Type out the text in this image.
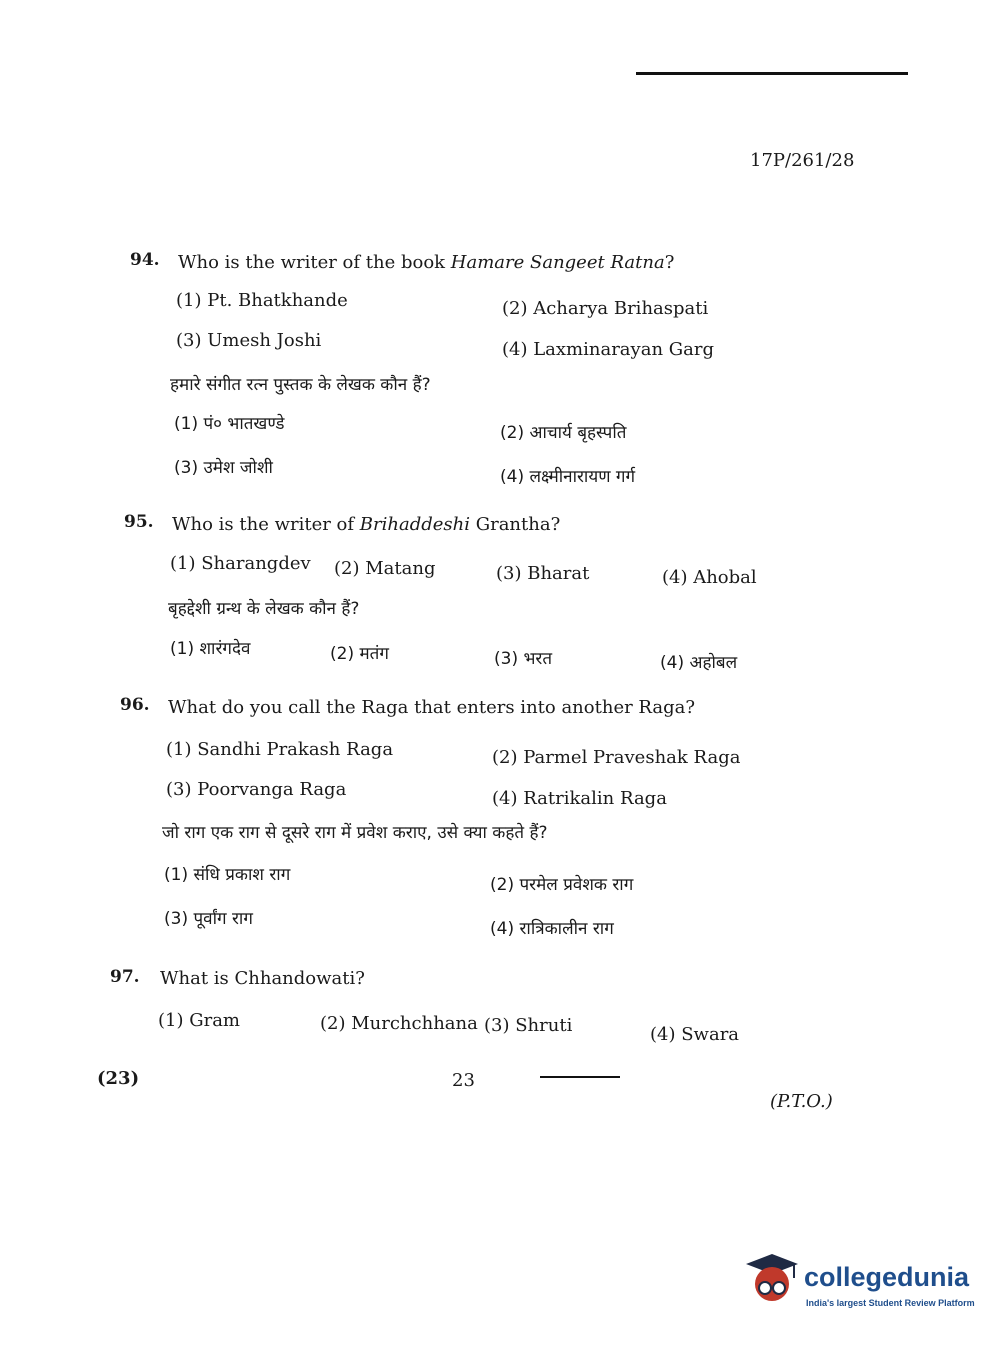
17P/261/28
94. Who is the writer of the book Hamare Sangeet Ratna?
(1) Pt. Bhatkhande	(2) Acharya Brihaspati
(3) Umesh Joshi	(4) Laxminarayan Garg
हमारे संगीत रत्न पुस्तक के लेखक कौन हैं?
(1) पं० भातखण्डे	(2) आचार्य बृहस्पति
(3) उमेश जोशी	(4) लक्ष्मीनारायण गर्ग
95. Who is the writer of Brihaddeshi Grantha?
(1) Sharangdev (2) Matang	(3) Bharat	(4) Ahobal
बृहद्देशी ग्रन्थ के लेखक कौन हैं?
(1) शारंगदेव	(2) मतंग	(3) भरत	(4) अहोबल
96. What do you call the Raga that enters into another Raga?
(1) Sandhi Prakash Raga	(2) Parmel Praveshak Raga
(3) Poorvanga Raga	(4) Ratrikalin Raga
जो राग एक राग से दूसरे राग में प्रवेश कराए, उसे क्या कहते हैं?
(1) संधि प्रकाश राग	(2) परमेल प्रवेशक राग
(3) पूर्वांग राग	(4) रात्रिकालीन राग
97. What is Chhandowati?
(1) Gram	(2) Murchchhana (3) Shruti	(4) Swara
(23)	23
(P.T.O.)
collegedunia
India's largest Student Review Platform
